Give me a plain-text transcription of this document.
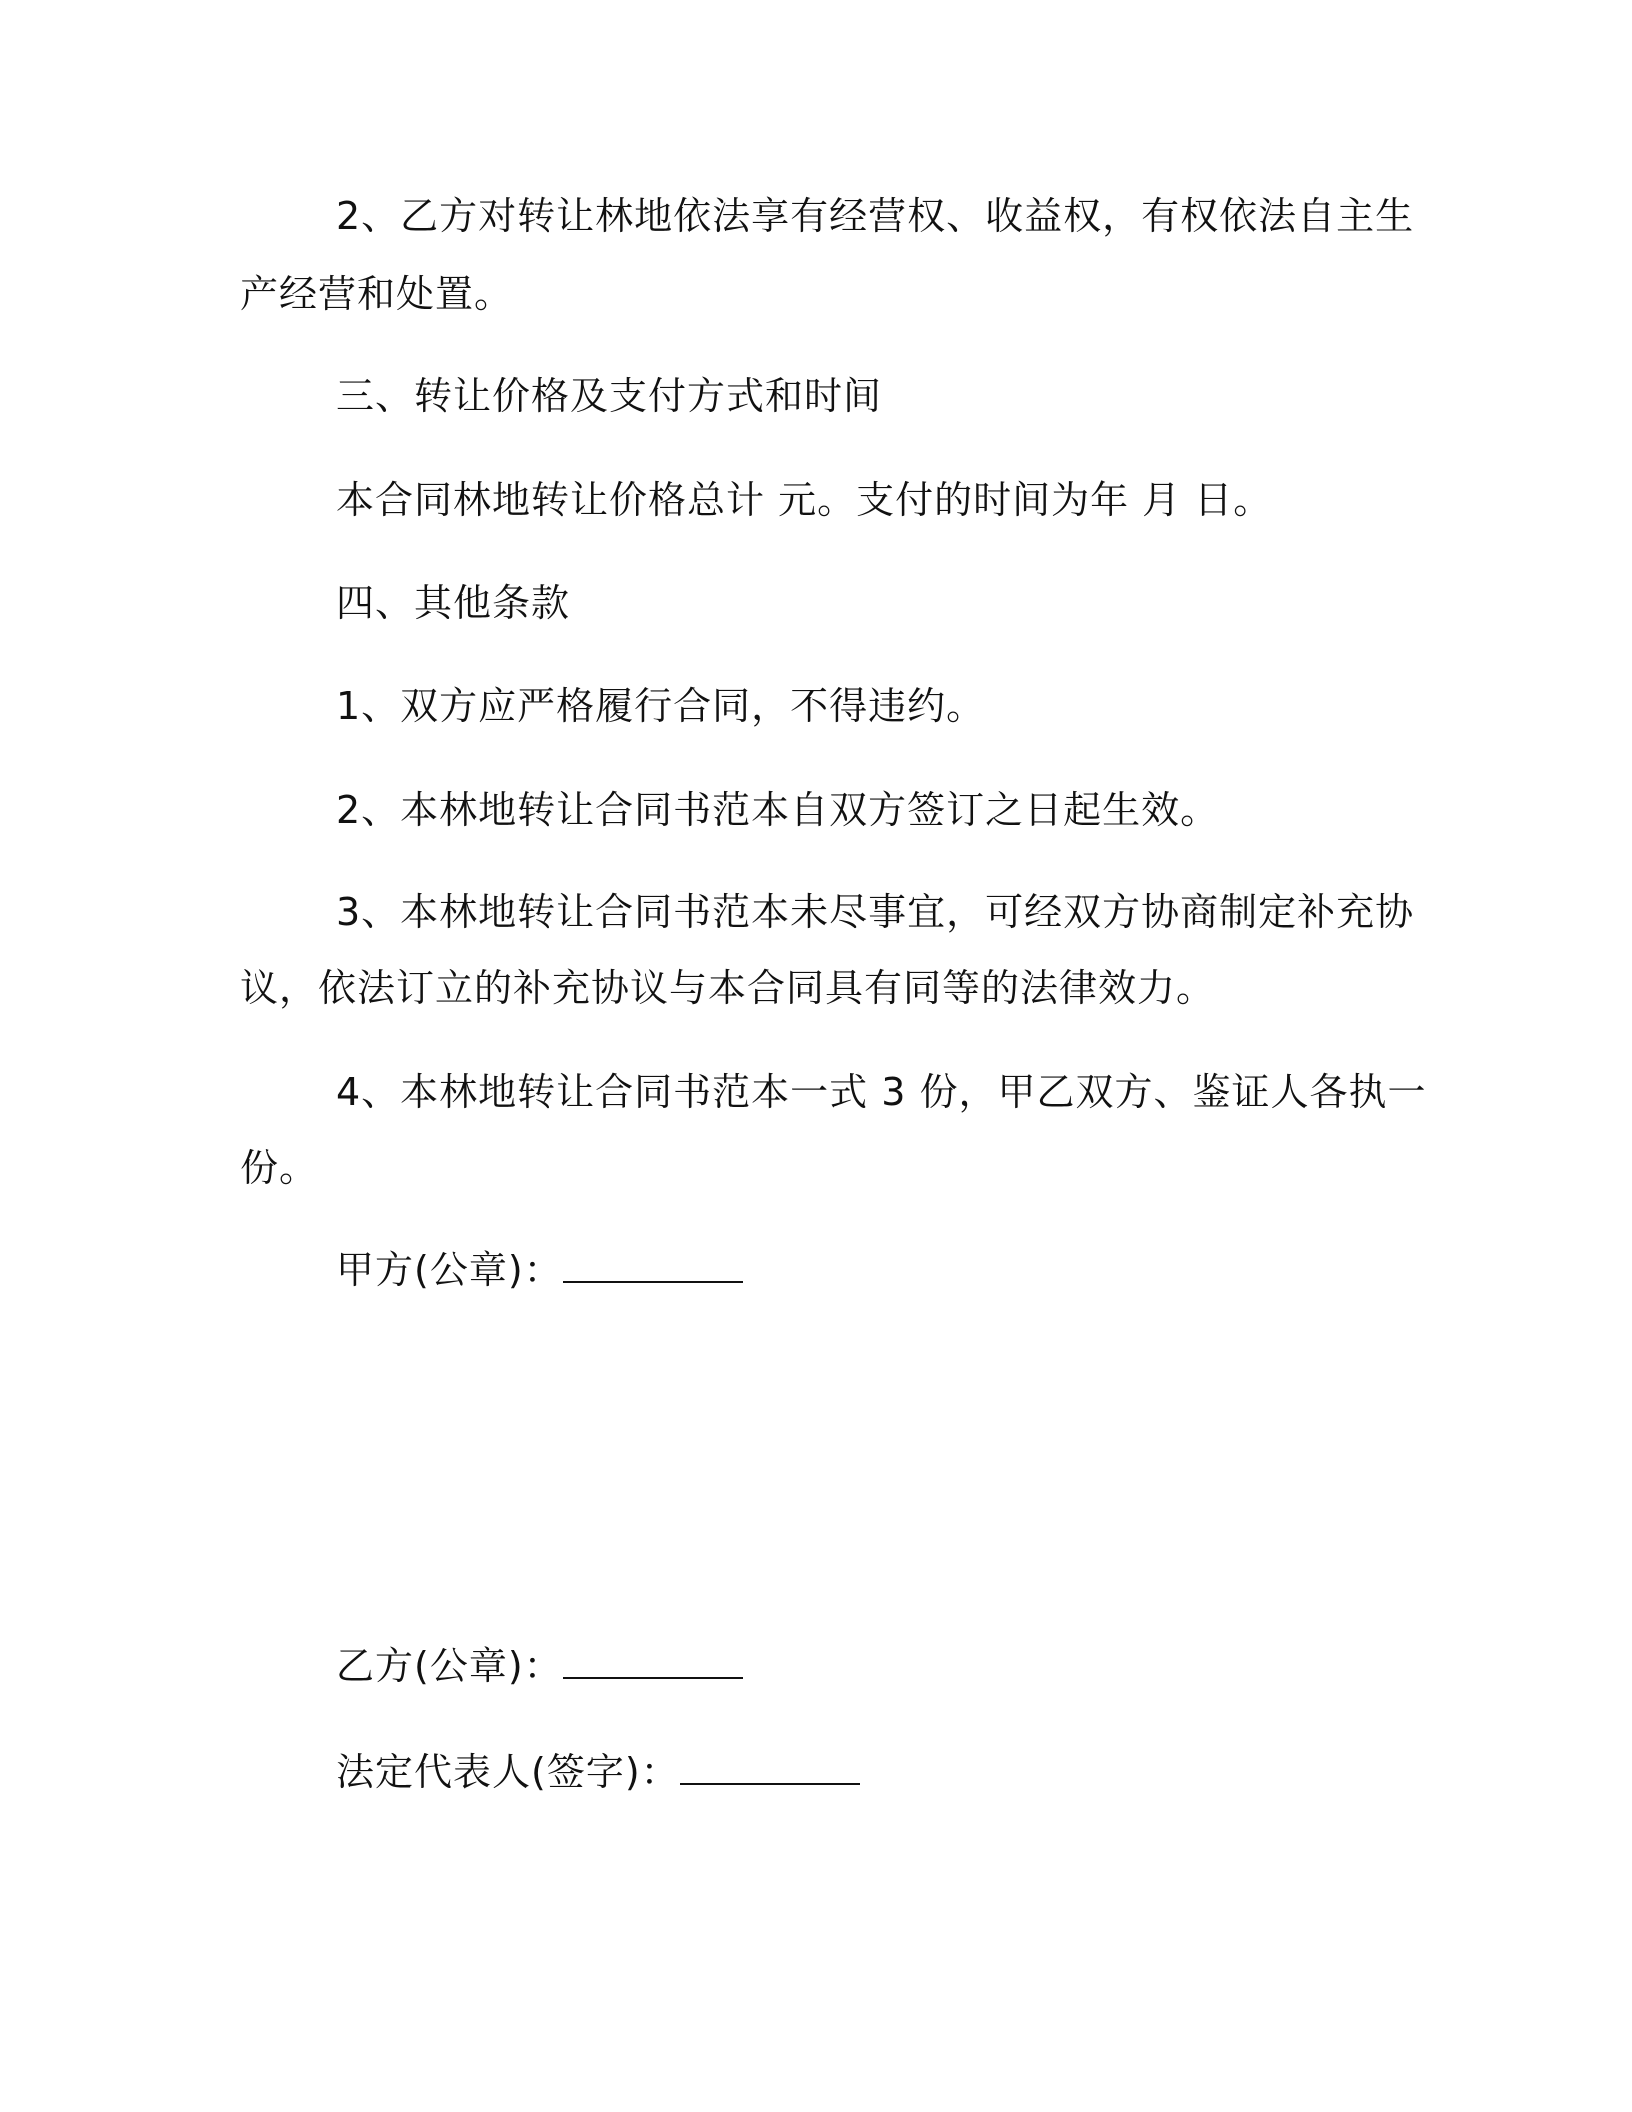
2、乙方对转让林地依法享有经营权、收益权，有权依法自主生
产经营和处置。
三、转让价格及支付方式和时间
本合同林地转让价格总计 元。支付的时间为年 月 日。
四、其他条款
1、双方应严格履行合同，不得违约。
2、本林地转让合同书范本自双方签订之日起生效。
3、本林地转让合同书范本未尽事宜，可经双方协商制定补充协
议，依法订立的补充协议与本合同具有同等的法律效力。
4、本林地转让合同书范本一式 3 份，甲乙双方、鉴证人各执一
份。
甲方(公章)：
乙方(公章)：
法定代表人(签字)：
